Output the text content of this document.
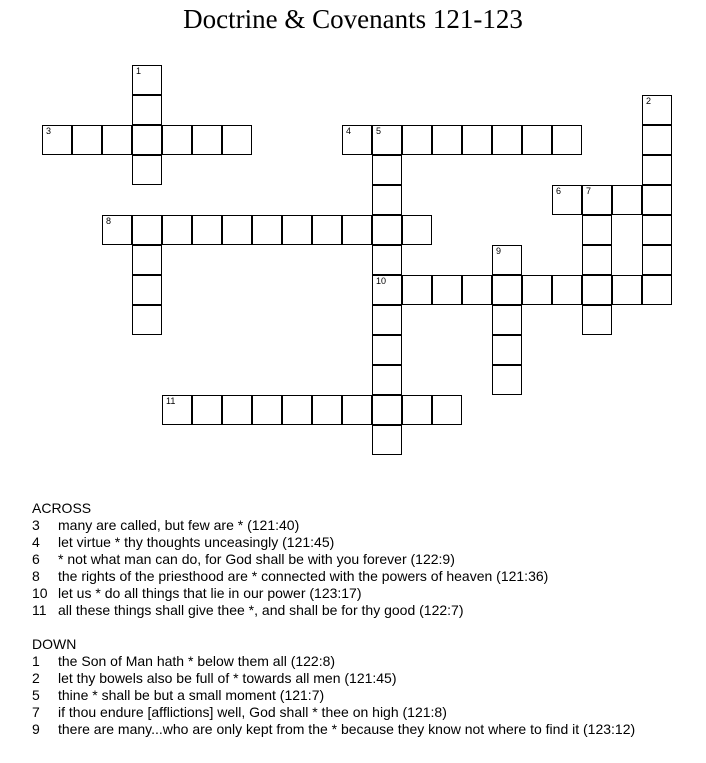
Doctrine & Covenants 121-123
1
2
3	4	5
6	7
8
9
10
11
ACROSS
3 many are called, but few are * (121:40)
4 let virtue * thy thoughts unceasingly (121:45)
6 * not what man can do, for God shall be with you forever (122:9)
8 the rights of the priesthood are * connected with the powers of heaven (121:36)
10 let us * do all things that lie in our power (123:17)
11 all these things shall give thee *, and shall be for thy good (122:7)
DOWN
1 the Son of Man hath * below them all (122:8)
2 let thy bowels also be full of * towards all men (121:45)
5 thine * shall be but a small moment (121:7)
7 if thou endure [afflictions] well, God shall * thee on high (121:8)
9 there are many...who are only kept from the * because they know not where to find it (123:12)
